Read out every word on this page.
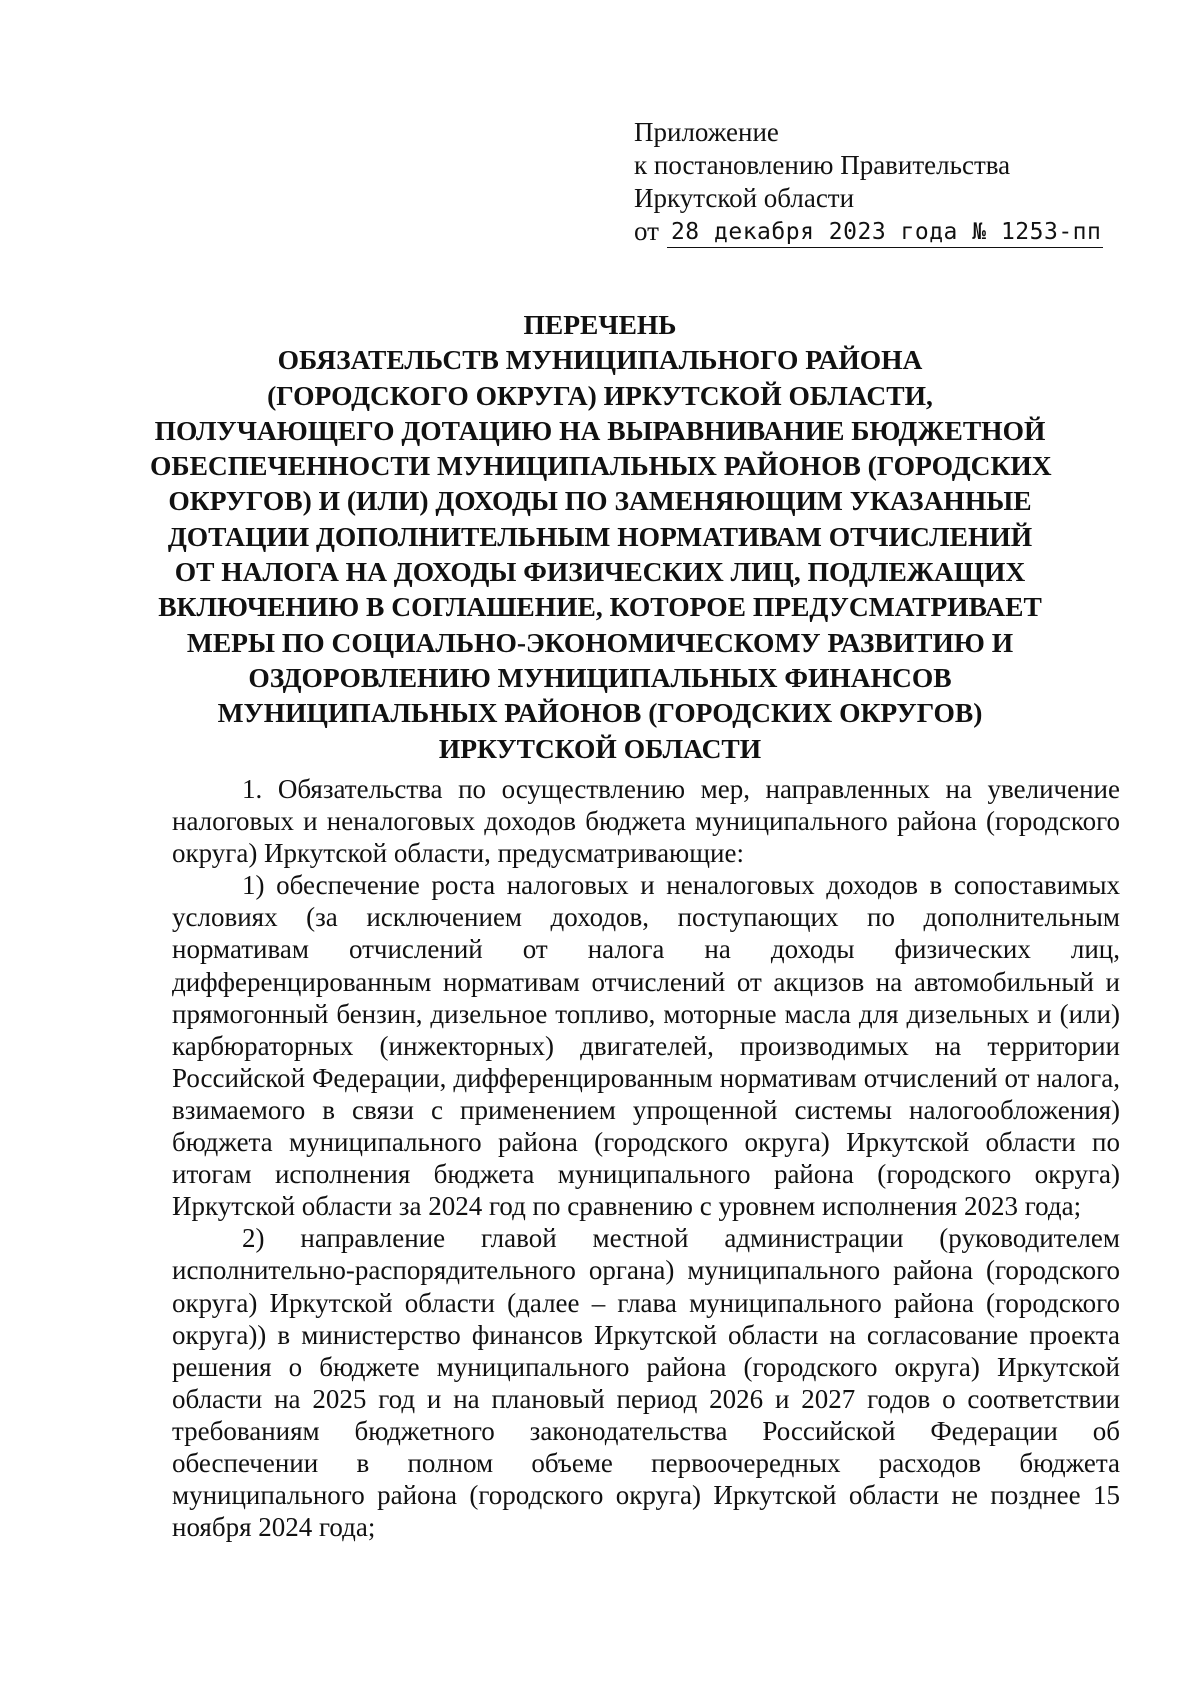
Приложение
к постановлению Правительства
Иркутской области
от 28 декабря 2023 года № 1253-пп
ПЕРЕЧЕНЬ
ОБЯЗАТЕЛЬСТВ МУНИЦИПАЛЬНОГО РАЙОНА
(ГОРОДСКОГО ОКРУГА) ИРКУТСКОЙ ОБЛАСТИ,
ПОЛУЧАЮЩЕГО ДОТАЦИЮ НА ВЫРАВНИВАНИЕ БЮДЖЕТНОЙ
ОБЕСПЕЧЕННОСТИ МУНИЦИПАЛЬНЫХ РАЙОНОВ (ГОРОДСКИХ
ОКРУГОВ) И (ИЛИ) ДОХОДЫ ПО ЗАМЕНЯЮЩИМ УКАЗАННЫЕ
ДОТАЦИИ ДОПОЛНИТЕЛЬНЫМ НОРМАТИВАМ ОТЧИСЛЕНИЙ
ОТ НАЛОГА НА ДОХОДЫ ФИЗИЧЕСКИХ ЛИЦ, ПОДЛЕЖАЩИХ
ВКЛЮЧЕНИЮ В СОГЛАШЕНИЕ, КОТОРОЕ ПРЕДУСМАТРИВАЕТ
МЕРЫ ПО СОЦИАЛЬНО-ЭКОНОМИЧЕСКОМУ РАЗВИТИЮ И
ОЗДОРОВЛЕНИЮ МУНИЦИПАЛЬНЫХ ФИНАНСОВ
МУНИЦИПАЛЬНЫХ РАЙОНОВ (ГОРОДСКИХ ОКРУГОВ)
ИРКУТСКОЙ ОБЛАСТИ

1. Обязательства по осуществлению мер, направленных на увеличение налоговых и неналоговых доходов бюджета муниципального района (городского округа) Иркутской области, предусматривающие:

1) обеспечение роста налоговых и неналоговых доходов в сопоставимых условиях (за исключением доходов, поступающих по дополнительным нормативам отчислений от налога на доходы физических лиц, дифференцированным нормативам отчислений от акцизов на автомобильный и прямогонный бензин, дизельное топливо, моторные масла для дизельных и (или) карбюраторных (инжекторных) двигателей, производимых на территории Российской Федерации, дифференцированным нормативам отчислений от налога, взимаемого в связи с применением упрощенной системы налогообложения) бюджета муниципального района (городского округа) Иркутской области по итогам исполнения бюджета муниципального района (городского округа) Иркутской области за 2024 год по сравнению с уровнем исполнения 2023 года;

2) направление главой местной администрации (руководителем исполнительно-распорядительного органа) муниципального района (городского округа) Иркутской области (далее – глава муниципального района (городского округа)) в министерство финансов Иркутской области на согласование проекта решения о бюджете муниципального района (городского округа) Иркутской области на 2025 год и на плановый период 2026 и 2027 годов о соответствии требованиям бюджетного законодательства Российской Федерации об обеспечении в полном объеме первоочередных расходов бюджета муниципального района (городского округа) Иркутской области не позднее 15 ноября 2024 года;
